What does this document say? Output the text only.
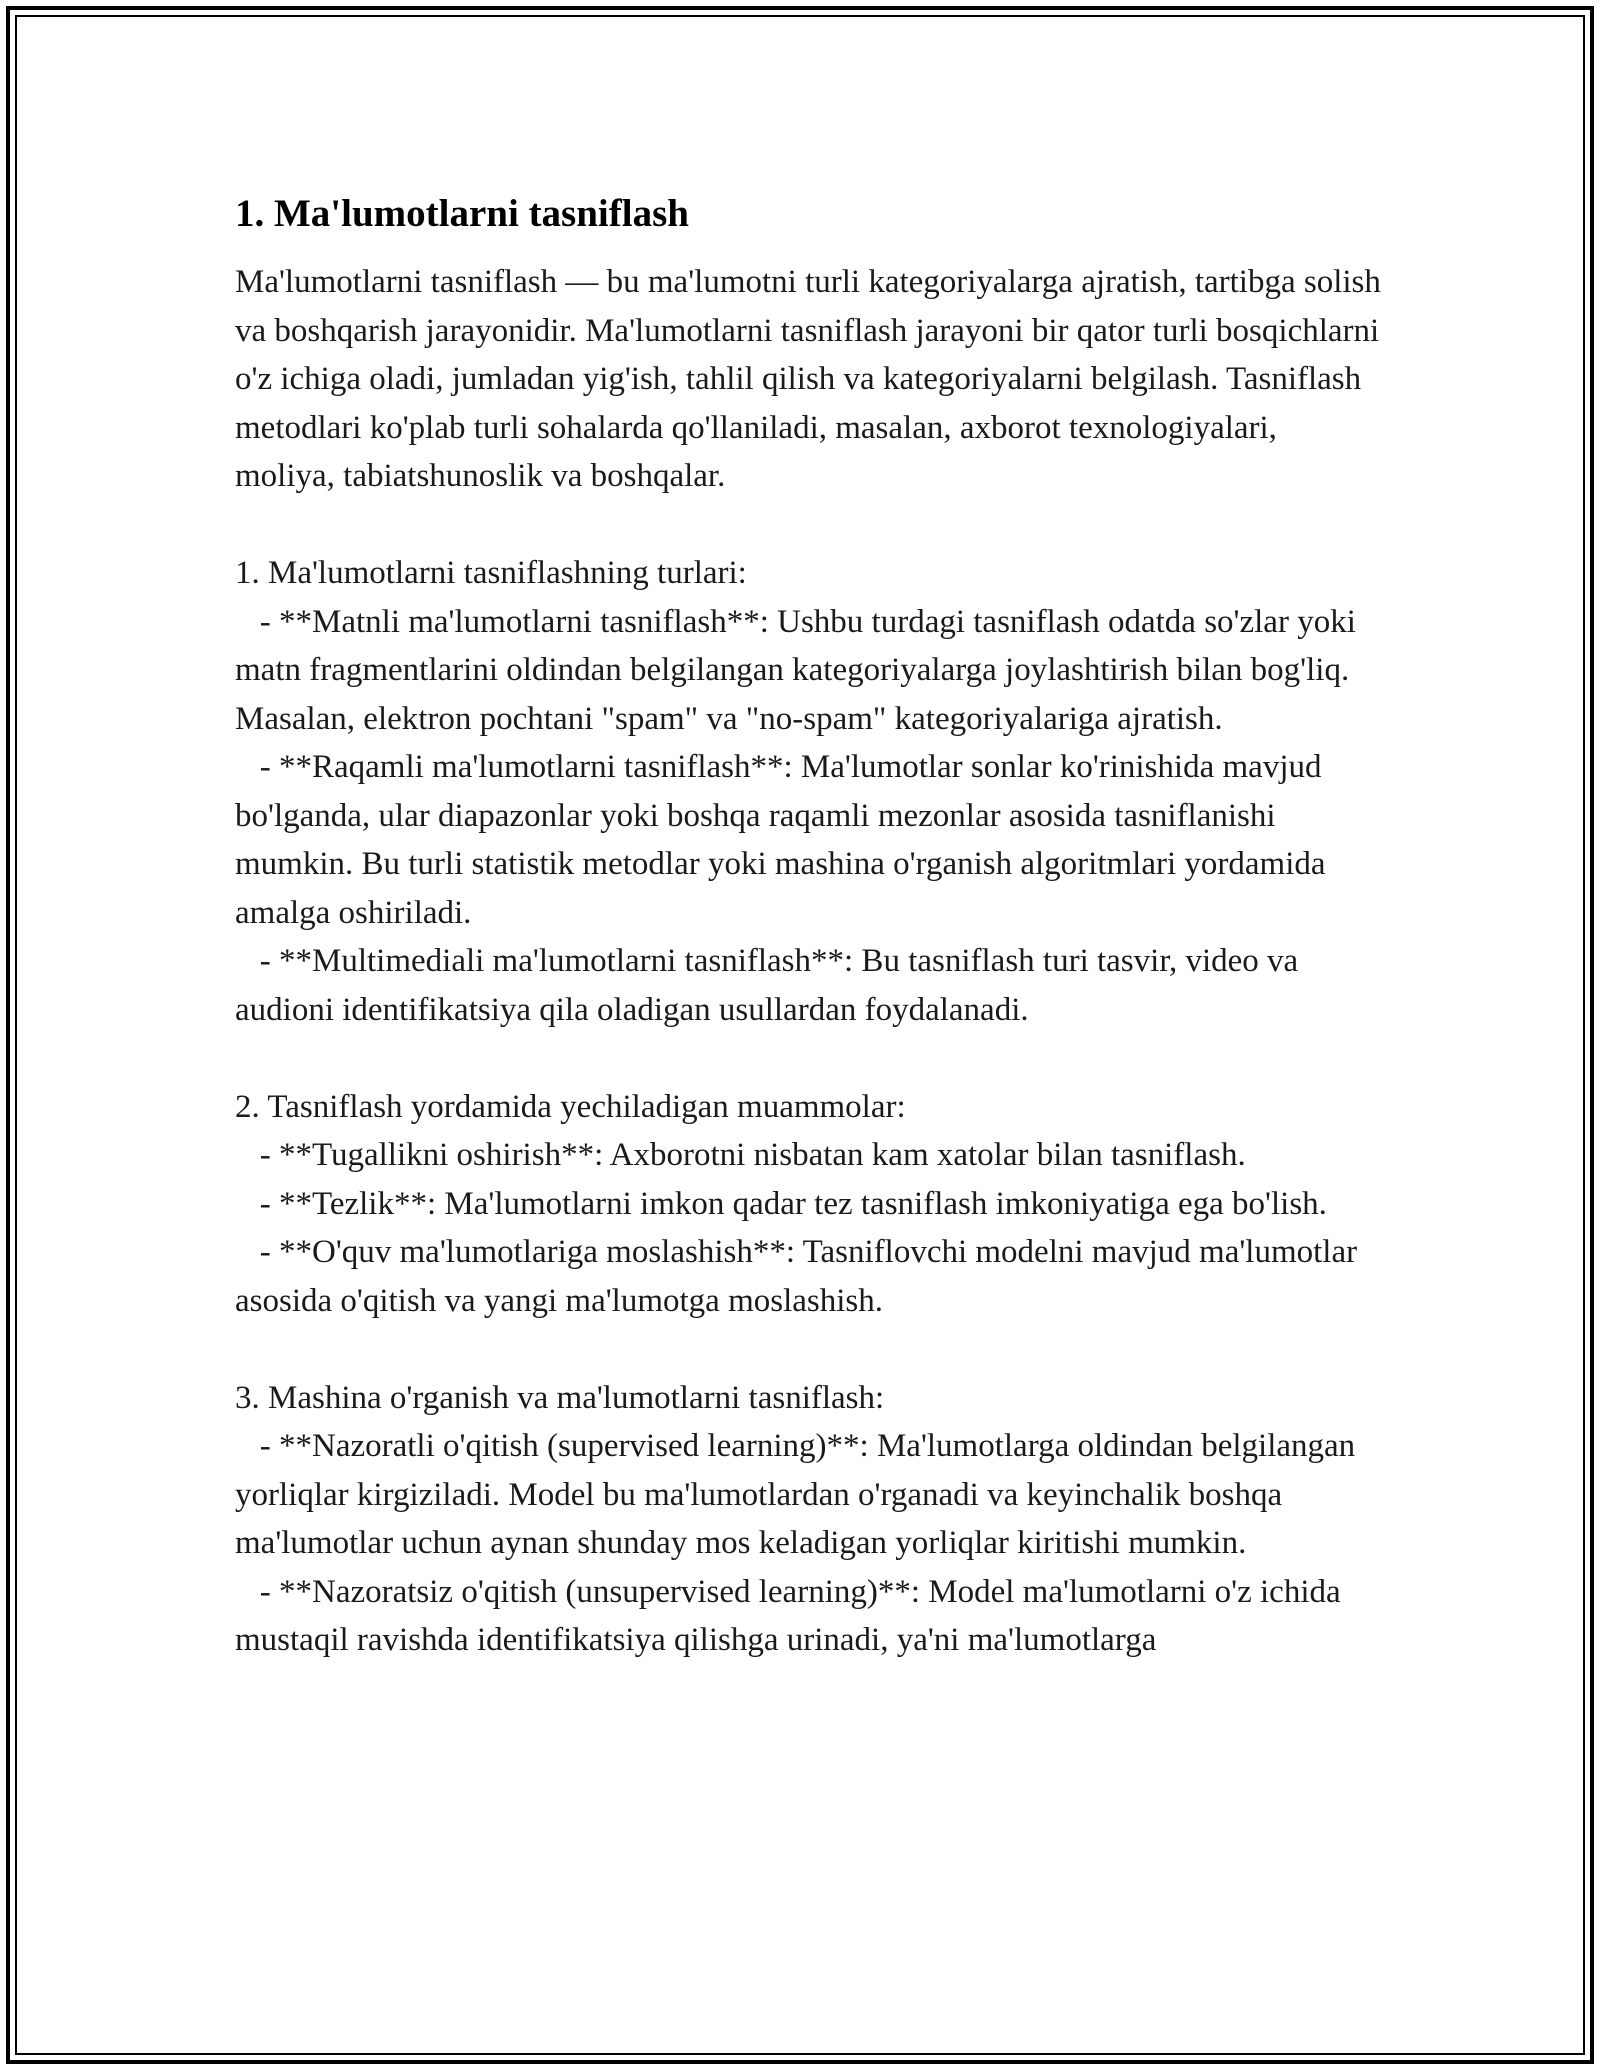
1. Ma'lumotlarni tasniflash

Ma'lumotlarni tasniflash — bu ma'lumotni turli kategoriyalarga ajratish, tartibga solish va boshqarish jarayonidir. Ma'lumotlarni tasniflash jarayoni bir qator turli bosqichlarni o'z ichiga oladi, jumladan yig'ish, tahlil qilish va kategoriyalarni belgilash. Tasniflash metodlari ko'plab turli sohalarda qo'llaniladi, masalan, axborot texnologiyalari, moliya, tabiatshunoslik va boshqalar.

1. Ma'lumotlarni tasniflashning turlari:

- **Matnli ma'lumotlarni tasniflash**: Ushbu turdagi tasniflash odatda so'zlar yoki matn fragmentlarini oldindan belgilangan kategoriyalarga joylashtirish bilan bog'liq. Masalan, elektron pochtani "spam" va "no-spam" kategoriyalariga ajratish.

- **Raqamli ma'lumotlarni tasniflash**: Ma'lumotlar sonlar ko'rinishida mavjud bo'lganda, ular diapazonlar yoki boshqa raqamli mezonlar asosida tasniflanishi mumkin. Bu turli statistik metodlar yoki mashina o'rganish algoritmlari yordamida amalga oshiriladi.

- **Multimediali ma'lumotlarni tasniflash**: Bu tasniflash turi tasvir, video va audioni identifikatsiya qila oladigan usullardan foydalanadi.

2. Tasniflash yordamida yechiladigan muammolar:

- **Tugallikni oshirish**: Axborotni nisbatan kam xatolar bilan tasniflash.

- **Tezlik**: Ma'lumotlarni imkon qadar tez tasniflash imkoniyatiga ega bo'lish.

- **O'quv ma'lumotlariga moslashish**: Tasniflovchi modelni mavjud ma'lumotlar asosida o'qitish va yangi ma'lumotga moslashish.

3. Mashina o'rganish va ma'lumotlarni tasniflash:

- **Nazoratli o'qitish (supervised learning)**: Ma'lumotlarga oldindan belgilangan yorliqlar kirgiziladi. Model bu ma'lumotlardan o'rganadi va keyinchalik boshqa ma'lumotlar uchun aynan shunday mos keladigan yorliqlar kiritishi mumkin.

- **Nazoratsiz o'qitish (unsupervised learning)**: Model ma'lumotlarni o'z ichida mustaqil ravishda identifikatsiya qilishga urinadi, ya'ni ma'lumotlarga
